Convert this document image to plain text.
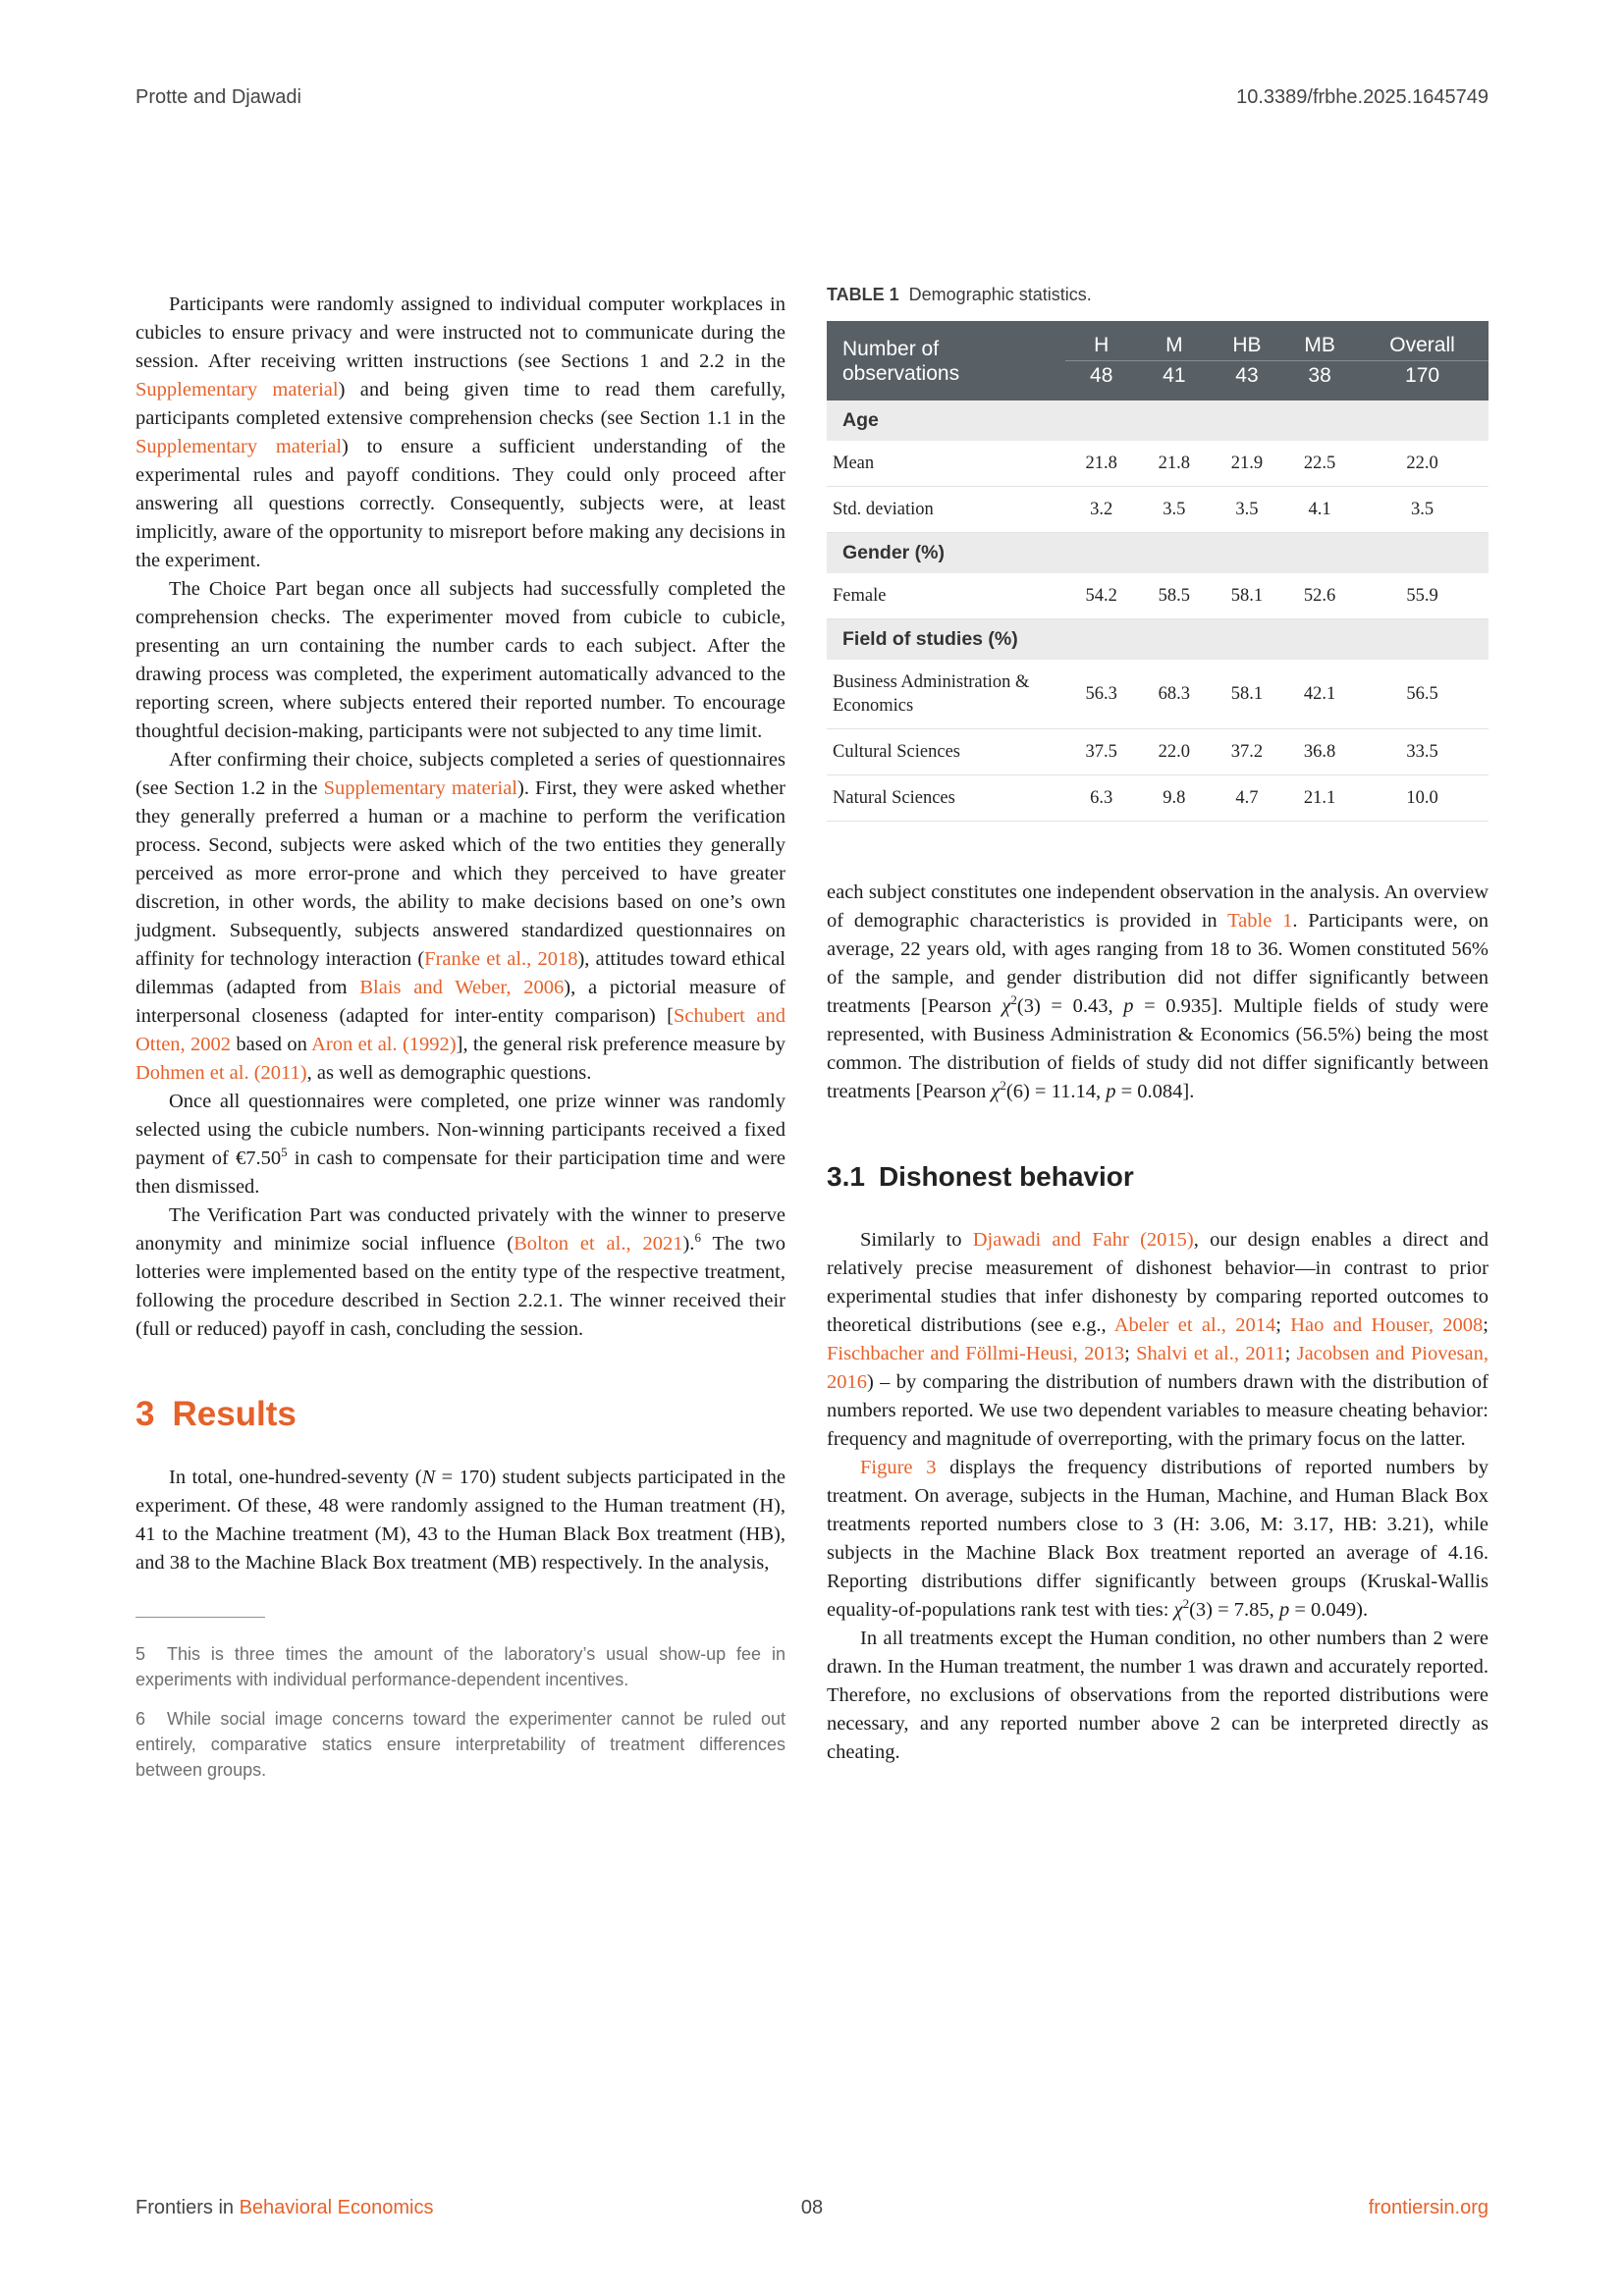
Protte and Djawadi	10.3389/frbhe.2025.1645749

Participants were randomly assigned to individual computer workplaces in cubicles to ensure privacy and were instructed not to communicate during the session. After receiving written instructions (see Sections 1 and 2.2 in the Supplementary material) and being given time to read them carefully, participants completed extensive comprehension checks (see Section 1.1 in the Supplementary material) to ensure a sufficient understanding of the experimental rules and payoff conditions. They could only proceed after answering all questions correctly. Consequently, subjects were, at least implicitly, aware of the opportunity to misreport before making any decisions in the experiment.

The Choice Part began once all subjects had successfully completed the comprehension checks. The experimenter moved from cubicle to cubicle, presenting an urn containing the number cards to each subject. After the drawing process was completed, the experiment automatically advanced to the reporting screen, where subjects entered their reported number. To encourage thoughtful decision-making, participants were not subjected to any time limit.

After confirming their choice, subjects completed a series of questionnaires (see Section 1.2 in the Supplementary material). First, they were asked whether they generally preferred a human or a machine to perform the verification process. Second, subjects were asked which of the two entities they generally perceived as more error-prone and which they perceived to have greater discretion, in other words, the ability to make decisions based on one’s own judgment. Subsequently, subjects answered standardized questionnaires on affinity for technology interaction (Franke et al., 2018), attitudes toward ethical dilemmas (adapted from Blais and Weber, 2006), a pictorial measure of interpersonal closeness (adapted for inter-entity comparison) [Schubert and Otten, 2002 based on Aron et al. (1992)], the general risk preference measure by Dohmen et al. (2011), as well as demographic questions.

Once all questionnaires were completed, one prize winner was randomly selected using the cubicle numbers. Non-winning participants received a fixed payment of €7.50$^5$ in cash to compensate for their participation time and were then dismissed.

The Verification Part was conducted privately with the winner to preserve anonymity and minimize social influence (Bolton et al., 2021).$^6$ The two lotteries were implemented based on the entity type of the respective treatment, following the procedure described in Section 2.2.1. The winner received their (full or reduced) payoff in cash, concluding the session.

3 Results

In total, one-hundred-seventy (N = 170) student subjects participated in the experiment. Of these, 48 were randomly assigned to the Human treatment (H), 41 to the Machine treatment (M), 43 to the Human Black Box treatment (HB), and 38 to the Machine Black Box treatment (MB) respectively. In the analysis,

5 This is three times the amount of the laboratory’s usual show-up fee in experiments with individual performance-dependent incentives.

6 While social image concerns toward the experimenter cannot be ruled out entirely, comparative statics ensure interpretability of treatment differences between groups.

TABLE 1 Demographic statistics.
Number of observations	H	M	HB	MB	Overall
	48	41	43	38	170
Age					
Mean	21.8	21.8	21.9	22.5	22.0
Std. deviation	3.2	3.5	3.5	4.1	3.5
Gender (%)					
Female	54.2	58.5	58.1	52.6	55.9
Field of studies (%)					
Business Administration & Economics	56.3	68.3	58.1	42.1	56.5
Cultural Sciences	37.5	22.0	37.2	36.8	33.5
Natural Sciences	6.3	9.8	4.7	21.1	10.0

each subject constitutes one independent observation in the analysis. An overview of demographic characteristics is provided in Table 1. Participants were, on average, 22 years old, with ages ranging from 18 to 36. Women constituted 56% of the sample, and gender distribution did not differ significantly between treatments [Pearson $\chi^2(3) = 0.43$, p = 0.935]. Multiple fields of study were represented, with Business Administration & Economics (56.5%) being the most common. The distribution of fields of study did not differ significantly between treatments [Pearson $\chi^2(6) = 11.14$, p = 0.084].

3.1 Dishonest behavior

Similarly to Djawadi and Fahr (2015), our design enables a direct and relatively precise measurement of dishonest behavior—in contrast to prior experimental studies that infer dishonesty by comparing reported outcomes to theoretical distributions (see e.g., Abeler et al., 2014; Hao and Houser, 2008; Fischbacher and Föllmi-Heusi, 2013; Shalvi et al., 2011; Jacobsen and Piovesan, 2016) – by comparing the distribution of numbers drawn with the distribution of numbers reported. We use two dependent variables to measure cheating behavior: frequency and magnitude of overreporting, with the primary focus on the latter.

Figure 3 displays the frequency distributions of reported numbers by treatment. On average, subjects in the Human, Machine, and Human Black Box treatments reported numbers close to 3 (H: 3.06, M: 3.17, HB: 3.21), while subjects in the Machine Black Box treatment reported an average of 4.16. Reporting distributions differ significantly between groups (Kruskal-Wallis equality-of-populations rank test with ties: $\chi^2(3) = 7.85$, p = 0.049).

In all treatments except the Human condition, no other numbers than 2 were drawn. In the Human treatment, the number 1 was drawn and accurately reported. Therefore, no exclusions of observations from the reported distributions were necessary, and any reported number above 2 can be interpreted directly as cheating.

Frontiers in Behavioral Economics	08	frontiersin.org
